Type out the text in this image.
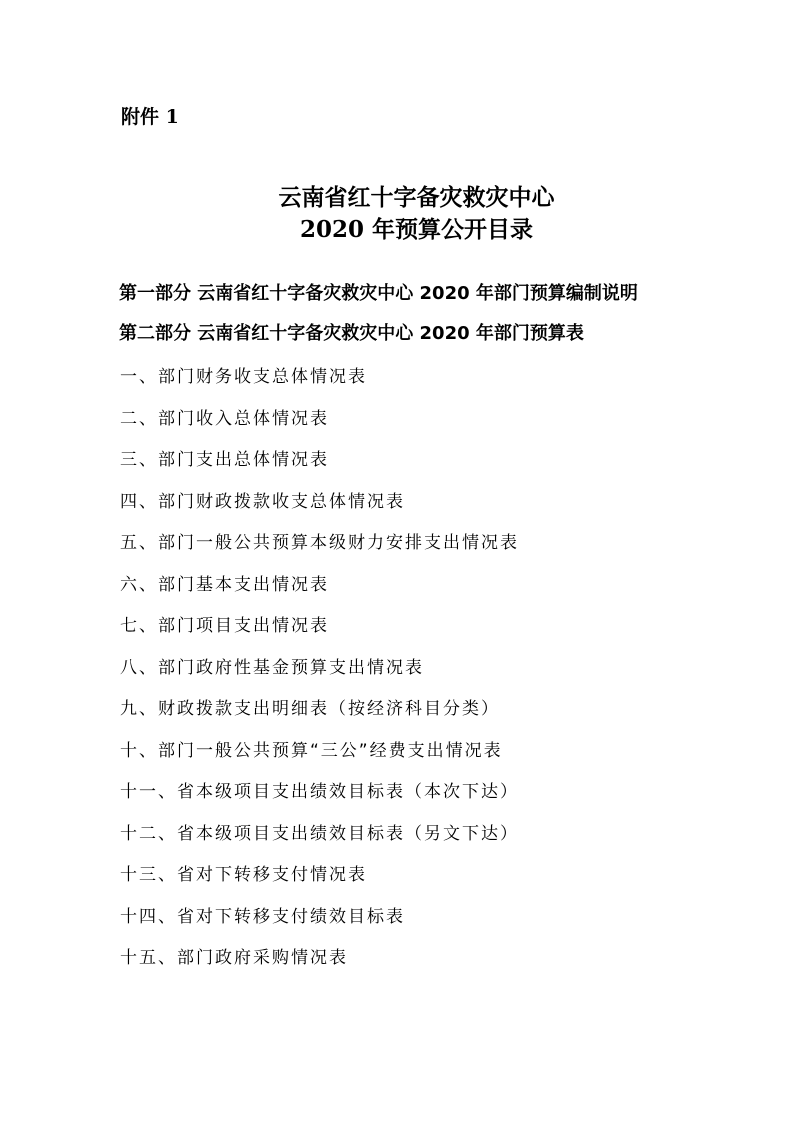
附件 1
云南省红十字备灾救灾中心
2020 年预算公开目录
第一部分 云南省红十字备灾救灾中心 2020 年部门预算编制说明
第二部分 云南省红十字备灾救灾中心 2020 年部门预算表
一、部门财务收支总体情况表
二、部门收入总体情况表
三、部门支出总体情况表
四、部门财政拨款收支总体情况表
五、部门一般公共预算本级财力安排支出情况表
六、部门基本支出情况表
七、部门项目支出情况表
八、部门政府性基金预算支出情况表
九、财政拨款支出明细表（按经济科目分类）
十、部门一般公共预算“三公”经费支出情况表
十一、省本级项目支出绩效目标表（本次下达）
十二、省本级项目支出绩效目标表（另文下达）
十三、省对下转移支付情况表
十四、省对下转移支付绩效目标表
十五、部门政府采购情况表
